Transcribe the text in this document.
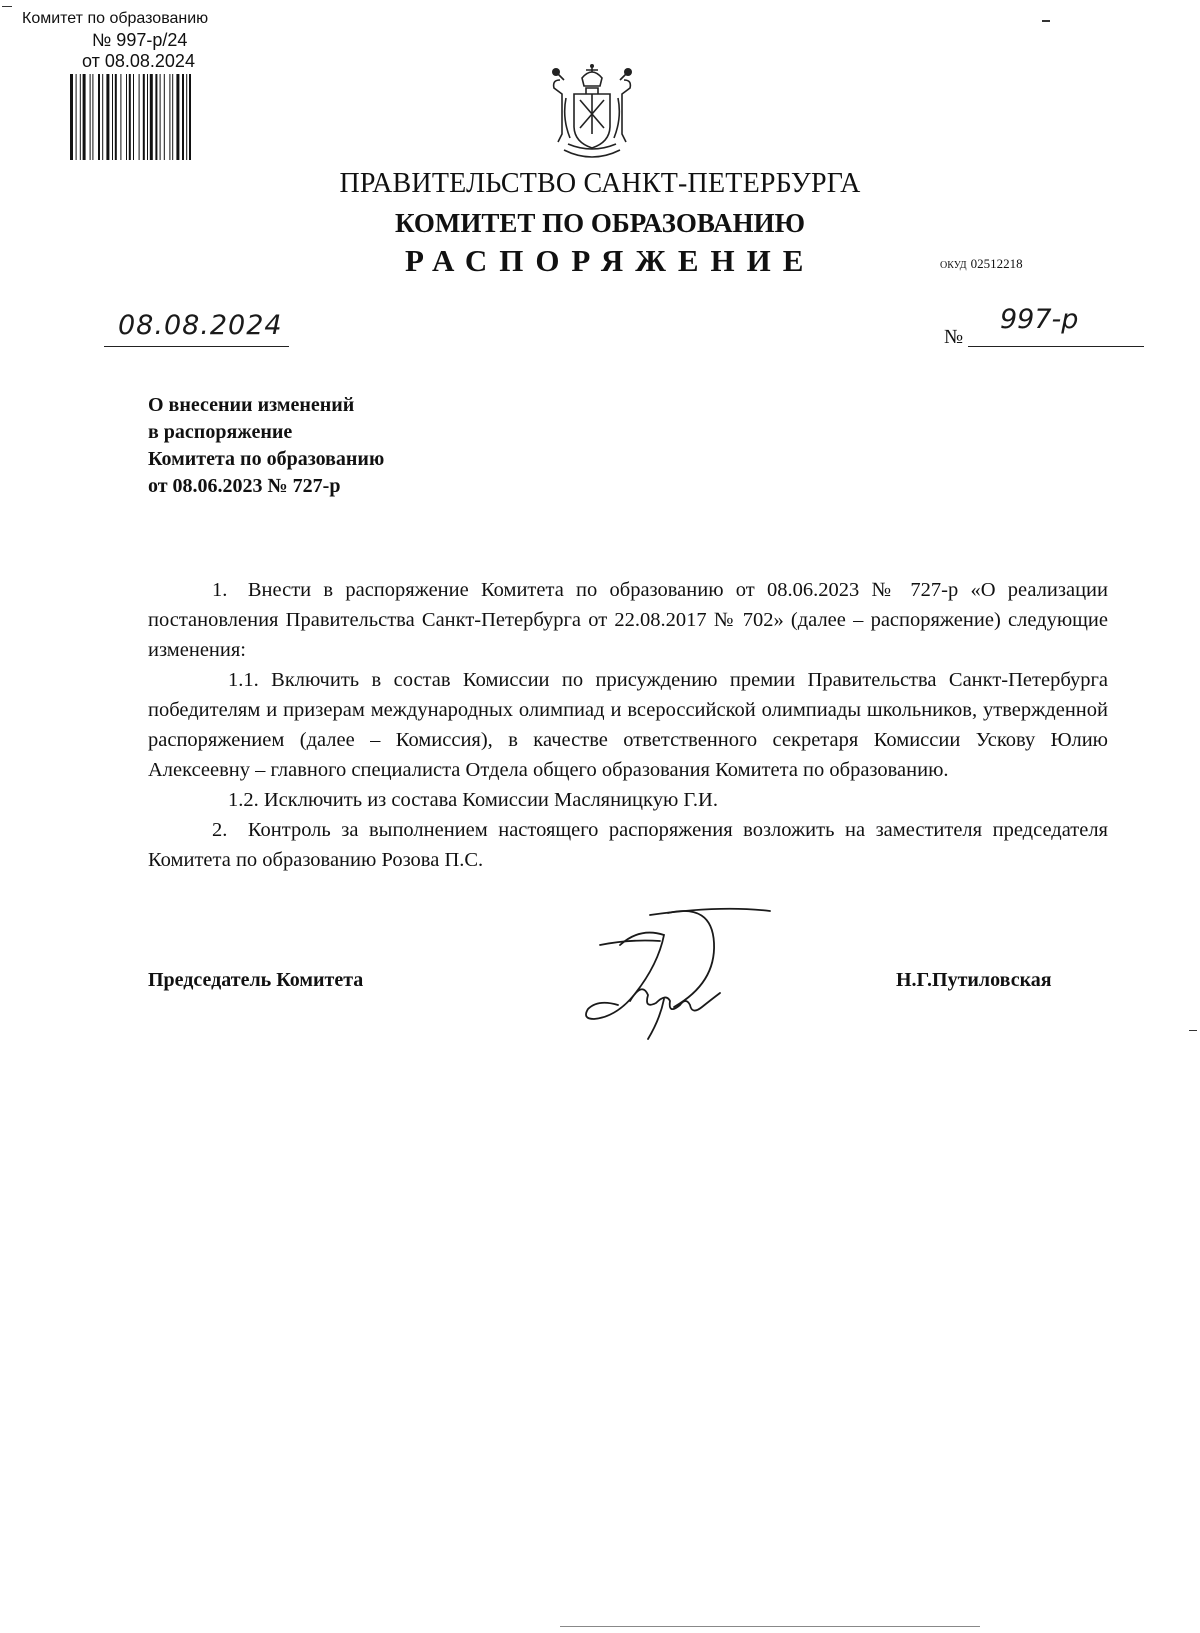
Комитет по образованию
№ 997-р/24
от 08.08.2024
ПРАВИТЕЛЬСТВО САНКТ-ПЕТЕРБУРГА
КОМИТЕТ ПО ОБРАЗОВАНИЮ
РАСПОРЯЖЕНИЕ	ОКУД 02512218
08.08.2024	№
997-р
О внесении изменений
в распоряжение
Комитета по образованию
от 08.06.2023 № 727-р

1. Внести в распоряжение Комитета по образованию от 08.06.2023 № 727-р «О реализации постановления Правительства Санкт-Петербурга от 22.08.2017 № 702» (далее – распоряжение) следующие изменения:

1.1. Включить в состав Комиссии по присуждению премии Правительства Санкт-Петербурга победителям и призерам международных олимпиад и всероссийской олимпиады школьников, утвержденной распоряжением (далее – Комиссия), в качестве ответственного секретаря Комиссии Ускову Юлию Алексеевну – главного специалиста Отдела общего образования Комитета по образованию.

1.2. Исключить из состава Комиссии Масляницкую Г.И.

2. Контроль за выполнением настоящего распоряжения возложить на заместителя председателя Комитета по образованию Розова П.С.

Председатель Комитета
Пут
Н.Г.Путиловская
